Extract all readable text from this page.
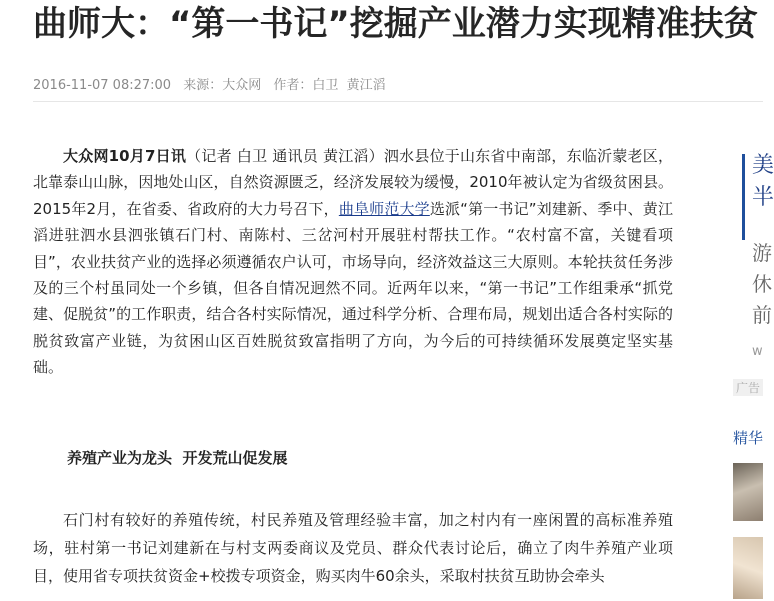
曲师大：“第一书记”挖掘产业潜力实现精准扶贫
2016-11-07 08:27:00 来源：大众网 作者：白卫  黄江滔

大众网10月7日讯（记者 白卫 通讯员 黄江滔）泗水县位于山东省中南部，东临沂蒙老区，北靠泰山山脉，因地处山区，自然资源匮乏，经济发展较为缓慢，2010年被认定为省级贫困县。2015年2月，在省委、省政府的大力号召下，曲阜师范大学选派“第一书记”刘建新、季中、黄江滔进驻泗水县泗张镇石门村、南陈村、三岔河村开展驻村帮扶工作。“农村富不富，关键看项目”，农业扶贫产业的选择必须遵循农户认可，市场导向，经济效益这三大原则。本轮扶贫任务涉及的三个村虽同处一个乡镇，但各自情况迥然不同。近两年以来，“第一书记”工作组秉承“抓党建、促脱贫”的工作职责，结合各村实际情况，通过科学分析、合理布局，规划出适合各村实际的脱贫致富产业链，为贫困山区百姓脱贫致富指明了方向，为今后的可持续循环发展奠定坚实基础。

养殖产业为龙头  开发荒山促发展

石门村有较好的养殖传统，村民养殖及管理经验丰富，加之村内有一座闲置的高标准养殖场，驻村第一书记刘建新在与村支两委商议及党员、群众代表讨论后，确立了肉牛养殖产业项目，使用省专项扶贫资金+校拨专项资金，购买肉牛60余头，采取村扶贫互助协会牵头

美
半
游
休
前
w
广告
精华
